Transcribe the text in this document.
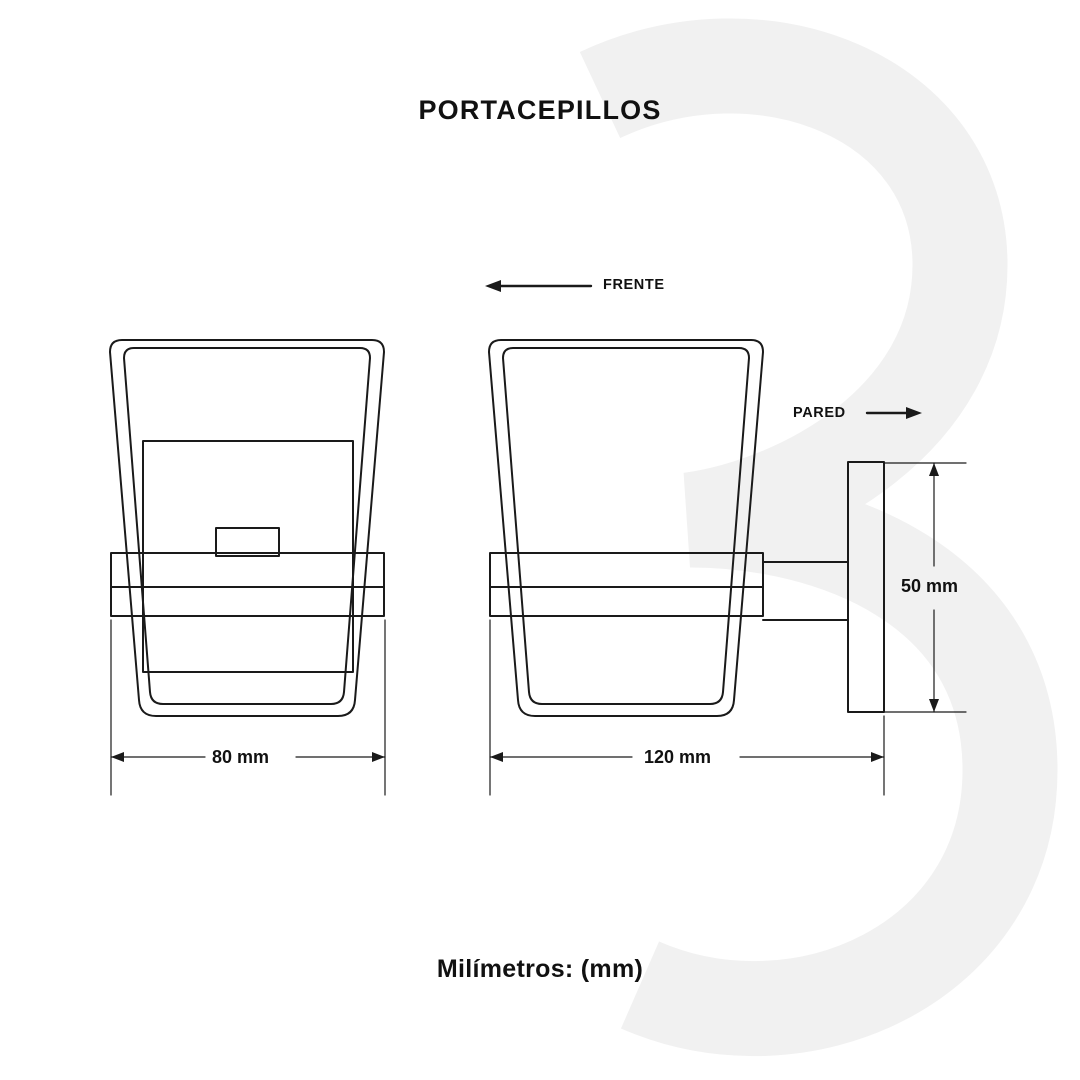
PORTACEPILLOS
FRENTE
PARED
80 mm	120 mm
50 mm
Milímetros: (mm)
